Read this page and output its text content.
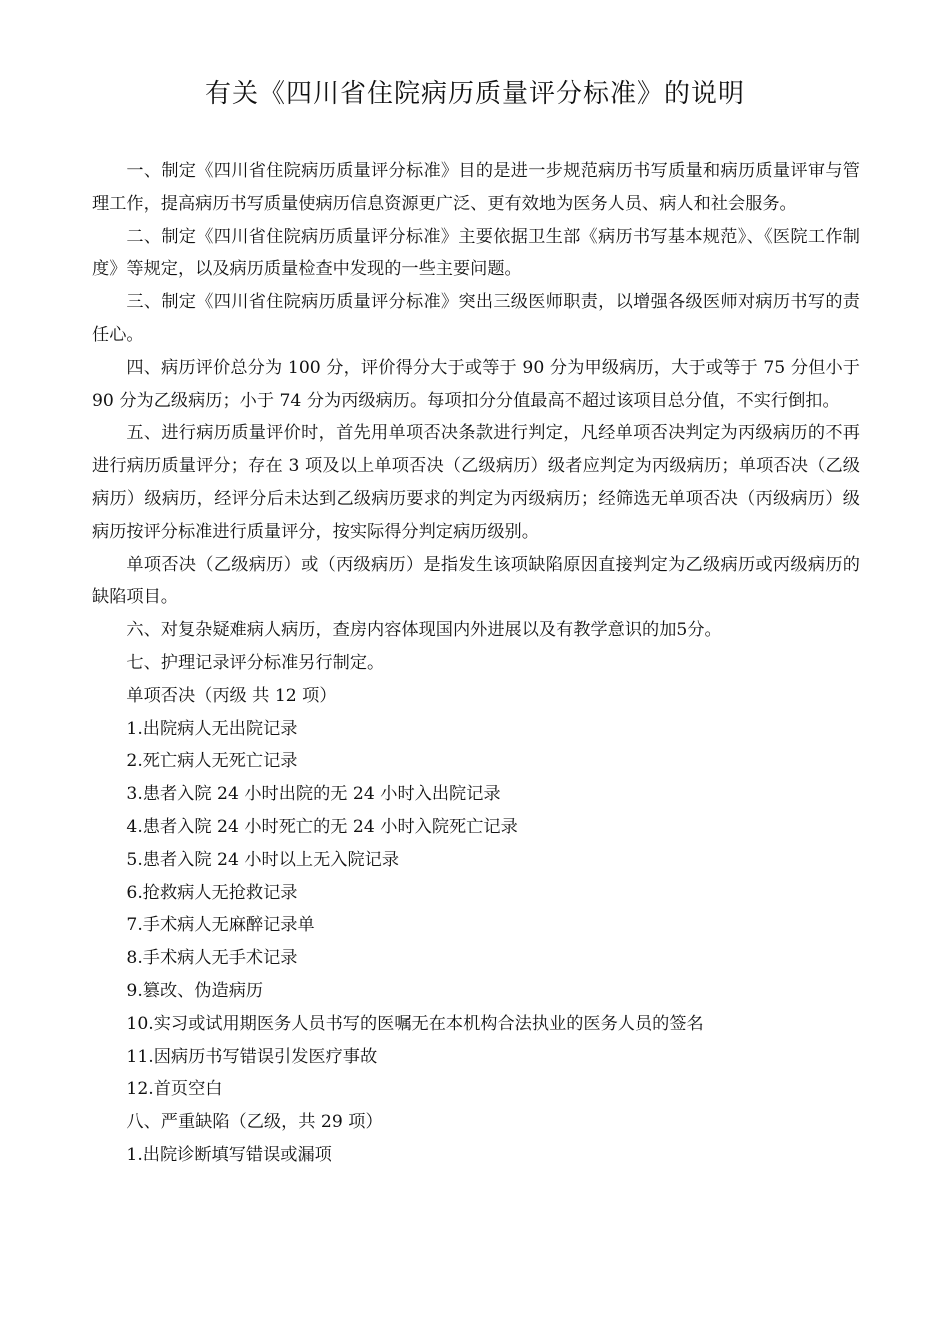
有关《四川省住院病历质量评分标准》的说明

一、制定《四川省住院病历质量评分标准》目的是进一步规范病历书写质量和病历质量评审与管理工作，提高病历书写质量使病历信息资源更广泛、更有效地为医务人员、病人和社会服务。

二、制定《四川省住院病历质量评分标准》主要依据卫生部《病历书写基本规范》、《医院工作制度》等规定，以及病历质量检查中发现的一些主要问题。

三、制定《四川省住院病历质量评分标准》突出三级医师职责，以增强各级医师对病历书写的责任心。

四、病历评价总分为 100 分，评价得分大于或等于 90 分为甲级病历，大于或等于 75 分但小于 90 分为乙级病历；小于 74 分为丙级病历。每项扣分分值最高不超过该项目总分值，不实行倒扣。

五、进行病历质量评价时，首先用单项否决条款进行判定，凡经单项否决判定为丙级病历的不再进行病历质量评分；存在 3 项及以上单项否决（乙级病历）级者应判定为丙级病历；单项否决（乙级病历）级病历，经评分后未达到乙级病历要求的判定为丙级病历；经筛选无单项否决（丙级病历）级病历按评分标准进行质量评分，按实际得分判定病历级别。

单项否决（乙级病历）或（丙级病历）是指发生该项缺陷原因直接判定为乙级病历或丙级病历的缺陷项目。

六、对复杂疑难病人病历，查房内容体现国内外进展以及有教学意识的加5分。

七、护理记录评分标准另行制定。

单项否决（丙级 共 12 项）

1.出院病人无出院记录

2.死亡病人无死亡记录

3.患者入院 24 小时出院的无 24 小时入出院记录

4.患者入院 24 小时死亡的无 24 小时入院死亡记录

5.患者入院 24 小时以上无入院记录

6.抢救病人无抢救记录

7.手术病人无麻醉记录单

8.手术病人无手术记录

9.篡改、伪造病历

10.实习或试用期医务人员书写的医嘱无在本机构合法执业的医务人员的签名

11.因病历书写错误引发医疗事故

12.首页空白

八、严重缺陷（乙级，共 29 项）

1.出院诊断填写错误或漏项
